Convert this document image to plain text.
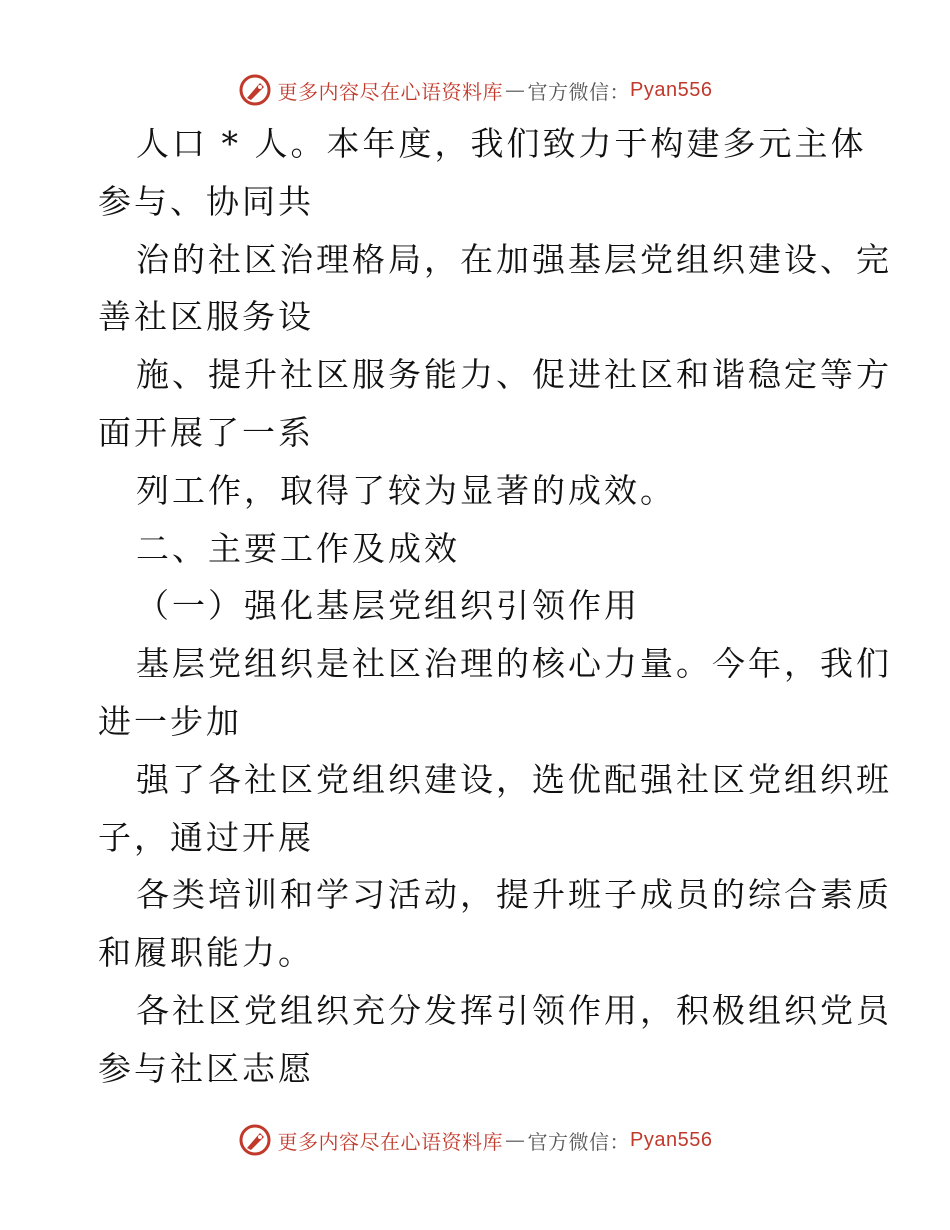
更多内容尽在心语资料库 — 官方微信： Pyan556
人口 * 人。本年度，我们致力于构建多元主体
参与、协同共
治的社区治理格局，在加强基层党组织建设、完
善社区服务设
施、提升社区服务能力、促进社区和谐稳定等方
面开展了一系
列工作，取得了较为显著的成效。
二、主要工作及成效
（一）强化基层党组织引领作用
基层党组织是社区治理的核心力量。今年，我们
进一步加
强了各社区党组织建设，选优配强社区党组织班
子，通过开展
各类培训和学习活动，提升班子成员的综合素质
和履职能力。
各社区党组织充分发挥引领作用，积极组织党员
参与社区志愿
更多内容尽在心语资料库 — 官方微信： Pyan556
